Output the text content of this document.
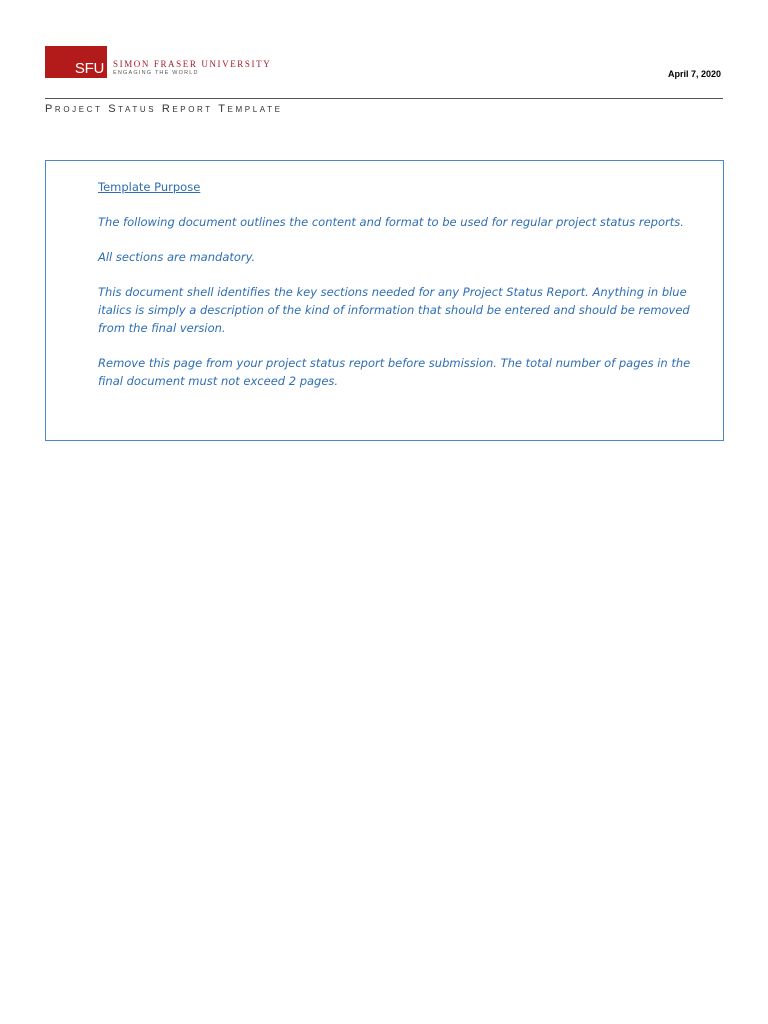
SFU SIMON FRASER UNIVERSITY
ENGAGING THE WORLD	April 7, 2020
Project Status Report Template

Template Purpose

The following document outlines the content and format to be used for regular project status reports.

All sections are mandatory.

This document shell identifies the key sections needed for any Project Status Report. Anything in blue italics is simply a description of the kind of information that should be entered and should be removed from the final version.

Remove this page from your project status report before submission. The total number of pages in the final document must not exceed 2 pages.
